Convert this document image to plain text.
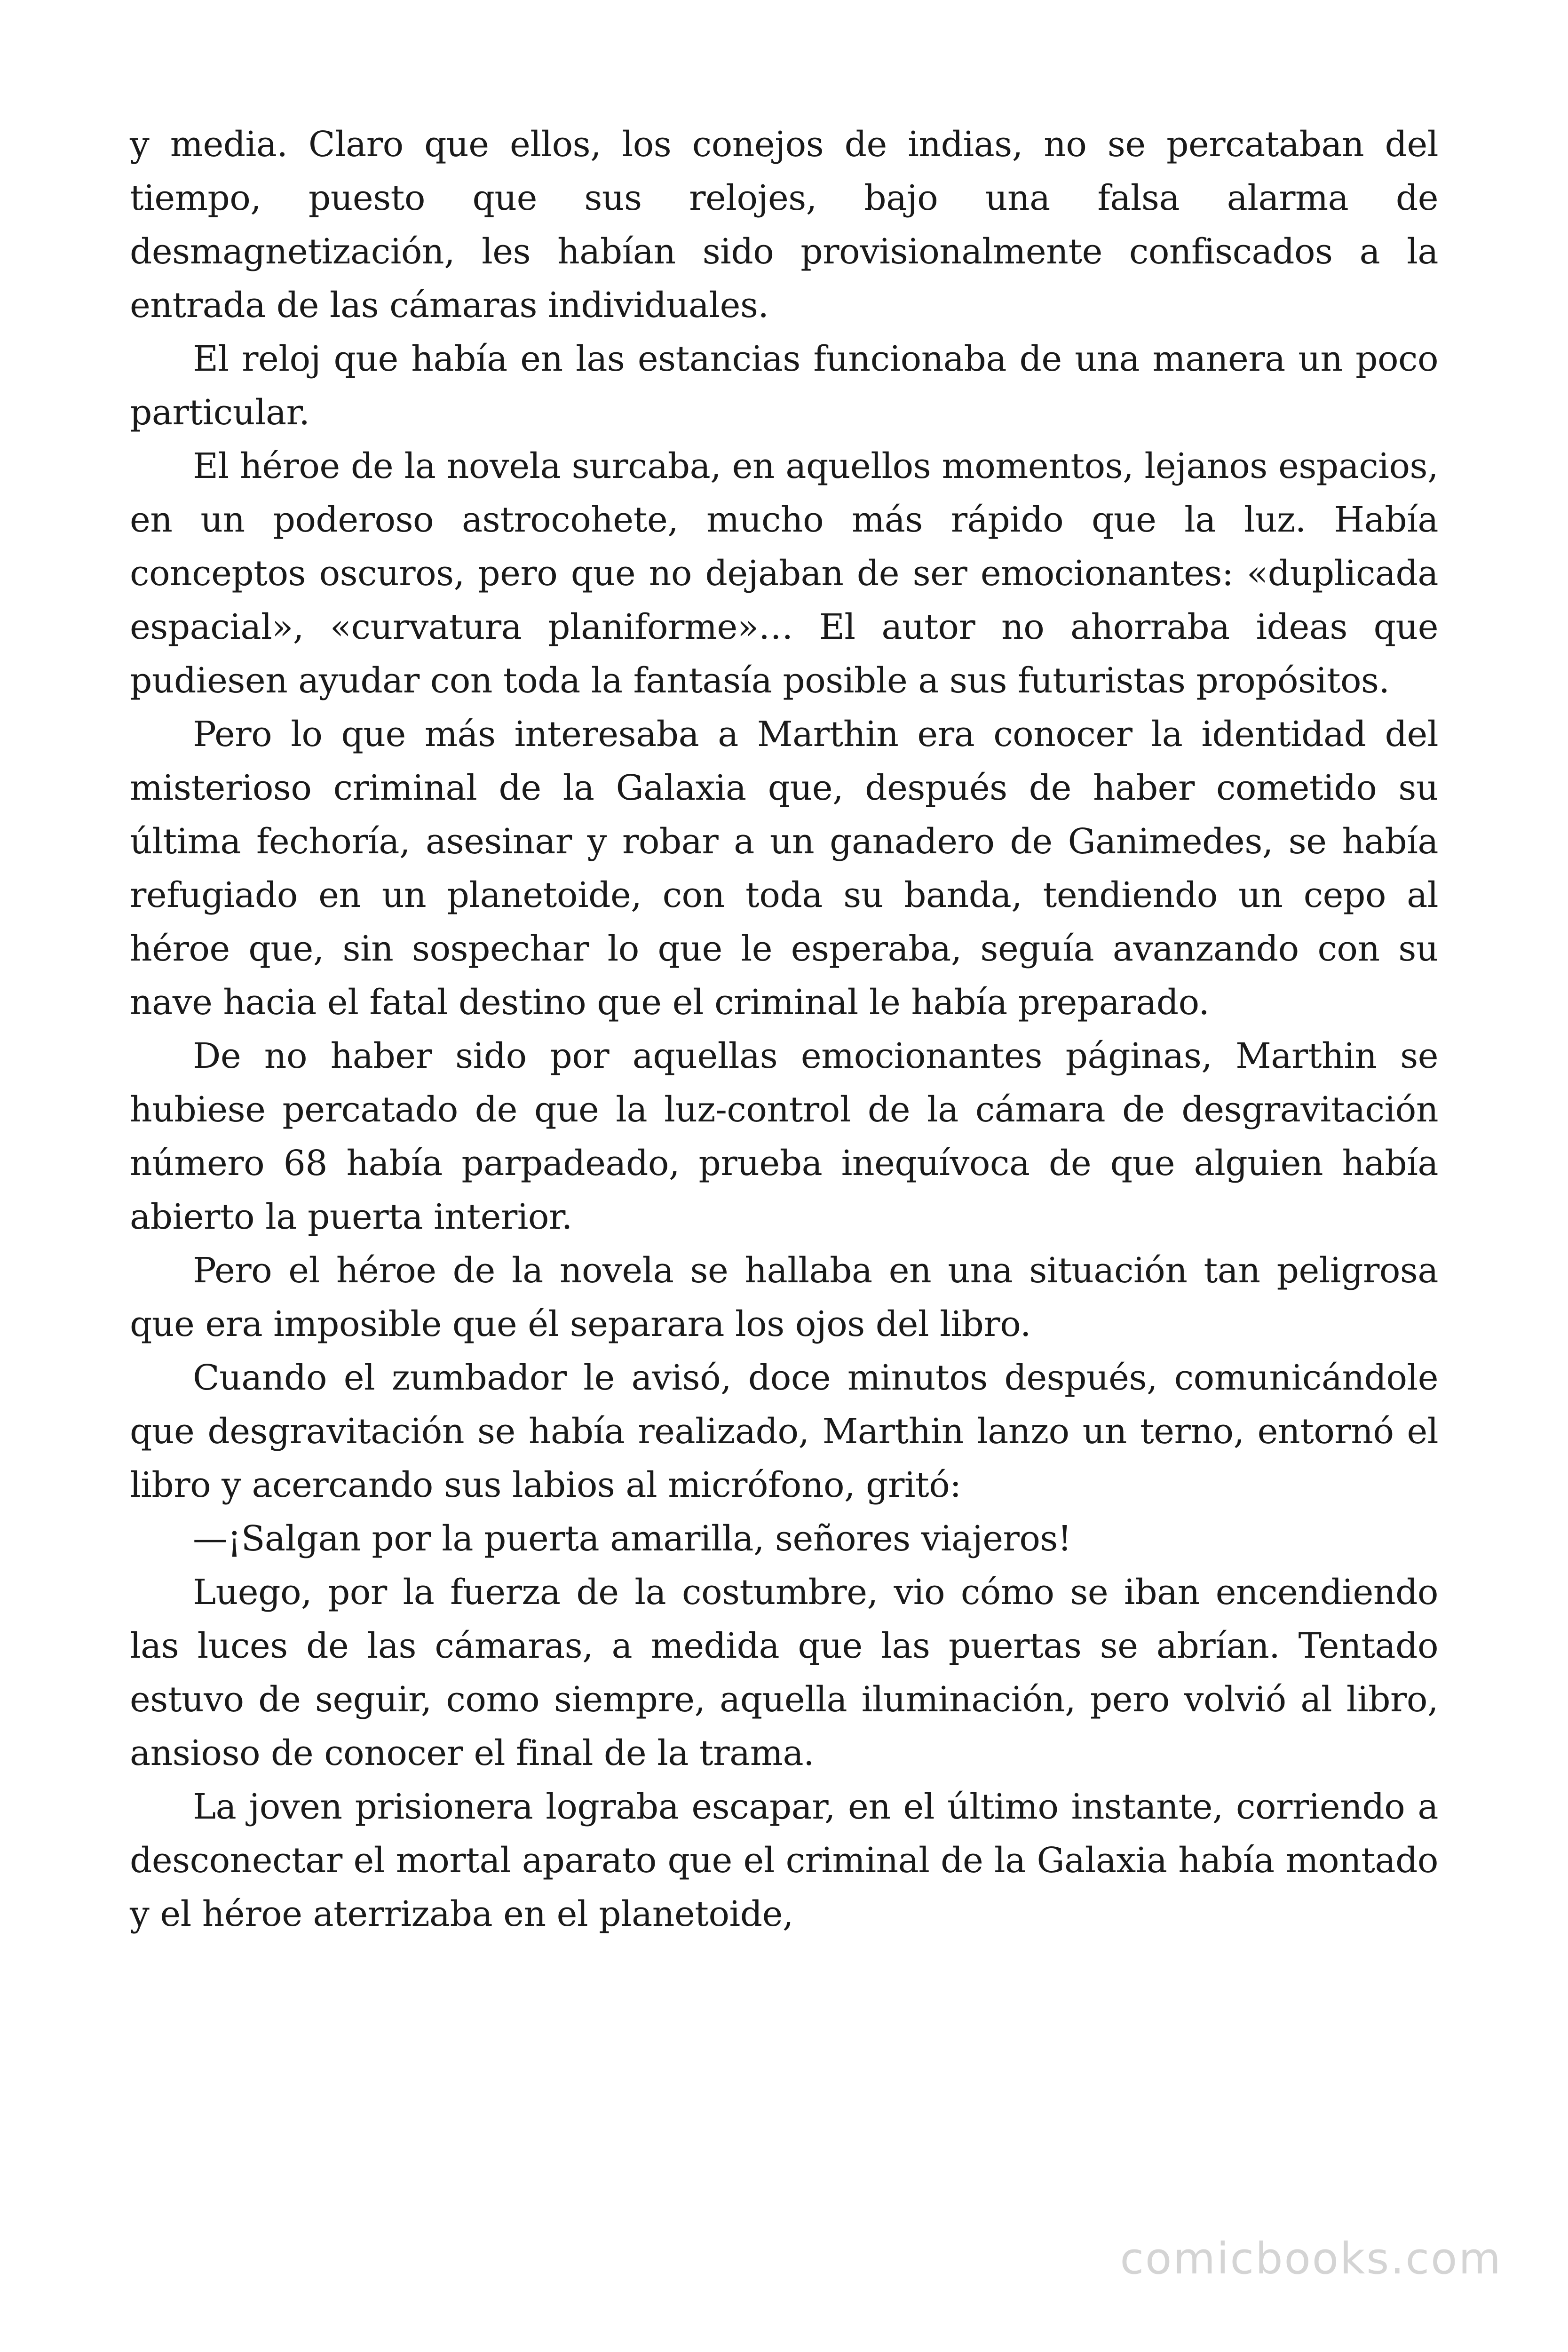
y media. Claro que ellos, los conejos de indias, no se percataban del tiempo, puesto que sus relojes, bajo una falsa alarma de desmagnetización, les habían sido provisionalmente confiscados a la entrada de las cámaras individuales.

El reloj que había en las estancias funcionaba de una manera un poco particular.

El héroe de la novela surcaba, en aquellos momentos, lejanos espacios, en un poderoso astrocohete, mucho más rápido que la luz. Había conceptos oscuros, pero que no dejaban de ser emocionantes: «duplicada espacial», «curvatura planiforme»… El autor no ahorraba ideas que pudiesen ayudar con toda la fantasía posible a sus futuristas propósitos.

Pero lo que más interesaba a Marthin era conocer la identidad del misterioso criminal de la Galaxia que, después de haber cometido su última fechoría, asesinar y robar a un ganadero de Ganimedes, se había refugiado en un planetoide, con toda su banda, tendiendo un cepo al héroe que, sin sospechar lo que le esperaba, seguía avanzando con su nave hacia el fatal destino que el criminal le había preparado.

De no haber sido por aquellas emocionantes páginas, Marthin se hubiese percatado de que la luz-control de la cámara de desgravitación número 68 había parpadeado, prueba inequívoca de que alguien había abierto la puerta interior.

Pero el héroe de la novela se hallaba en una situación tan peligrosa que era imposible que él separara los ojos del libro.

Cuando el zumbador le avisó, doce minutos después, comunicándole que desgravitación se había realizado, Marthin lanzo un terno, entornó el libro y acercando sus labios al micrófono, gritó:

—¡Salgan por la puerta amarilla, señores viajeros!

Luego, por la fuerza de la costumbre, vio cómo se iban encendiendo las luces de las cámaras, a medida que las puertas se abrían. Tentado estuvo de seguir, como siempre, aquella iluminación, pero volvió al libro, ansioso de conocer el final de la trama.

La joven prisionera lograba escapar, en el último instante, corriendo a desconectar el mortal aparato que el criminal de la Galaxia había montado y el héroe aterrizaba en el planetoide,

comicbooks.com
